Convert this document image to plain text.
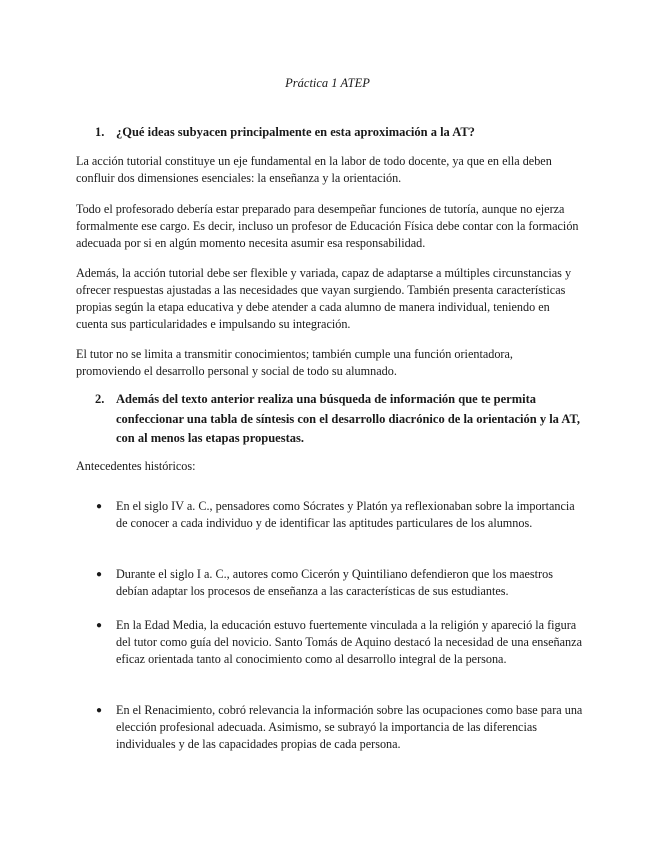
Práctica 1 ATEP
1. ¿Qué ideas subyacen principalmente en esta aproximación a la AT?
La acción tutorial constituye un eje fundamental en la labor de todo docente, ya que en ella deben confluir dos dimensiones esenciales: la enseñanza y la orientación.
Todo el profesorado debería estar preparado para desempeñar funciones de tutoría, aunque no ejerza formalmente ese cargo. Es decir, incluso un profesor de Educación Física debe contar con la formación adecuada por si en algún momento necesita asumir esa responsabilidad.
Además, la acción tutorial debe ser flexible y variada, capaz de adaptarse a múltiples circunstancias y ofrecer respuestas ajustadas a las necesidades que vayan surgiendo. También presenta características propias según la etapa educativa y debe atender a cada alumno de manera individual, teniendo en cuenta sus particularidades e impulsando su integración.
El tutor no se limita a transmitir conocimientos; también cumple una función orientadora, promoviendo el desarrollo personal y social de todo su alumnado.
2. Además del texto anterior realiza una búsqueda de información que te permita confeccionar una tabla de síntesis con el desarrollo diacrónico de la orientación y la AT, con al menos las etapas propuestas.
Antecedentes históricos:
● En el siglo IV a. C., pensadores como Sócrates y Platón ya reflexionaban sobre la importancia de conocer a cada individuo y de identificar las aptitudes particulares de los alumnos.
● Durante el siglo I a. C., autores como Cicerón y Quintiliano defendieron que los maestros debían adaptar los procesos de enseñanza a las características de sus estudiantes.
● En la Edad Media, la educación estuvo fuertemente vinculada a la religión y apareció la figura del tutor como guía del novicio. Santo Tomás de Aquino destacó la necesidad de una enseñanza eficaz orientada tanto al conocimiento como al desarrollo integral de la persona.
● En el Renacimiento, cobró relevancia la información sobre las ocupaciones como base para una elección profesional adecuada. Asimismo, se subrayó la importancia de las diferencias individuales y de las capacidades propias de cada persona.
